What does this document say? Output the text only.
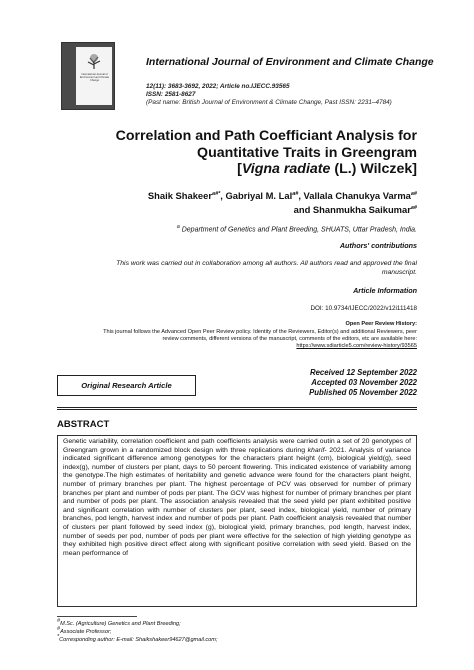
International Journal of Environment and Climate Change
International Journal of Environment and Climate Change
12(11): 3683-3692, 2022; Article no.IJECC.93565
ISSN: 2581-8627
(Past name: British Journal of Environment & Climate Change, Past ISSN: 2231–4784)
Correlation and Path Coefficiant Analysis for
Quantitative Traits in Greengram
[Vigna radiate (L.) Wilczek]
Shaik Shakeer$^{a\#*}$, Gabriyal M. Lal$^{a\#}$, Vallala Chanukya Varma$^{a\#}$
and Shanmukha Saikumar$^{a\#}$
$^a$ Department of Genetics and Plant Breeding, SHUATS, Uttar Pradesh, India.
Authors' contributions
This work was carried out in collaboration among all authors. All authors read and approved the final
manuscript.
Article Information
DOI: 10.9734/IJECC/2022/v12i111418
Open Peer Review History:
This journal follows the Advanced Open Peer Review policy. Identity of the Reviewers, Editor(s) and additional Reviewers, peer
review comments, different versions of the manuscript, comments of the editors, etc are available here:
https://www.sdiarticle5.com/review-history/93565
Original Research Article
Received 12 September 2022
Accepted 03 November 2022
Published 05 November 2022
ABSTRACT
Genetic variability, correlation coefficient and path coefficients analysis were carried outin a set of 20 genotypes of Greengram grown in a randomized block design with three replications during kharif- 2021. Analysis of variance indicated significant difference among genotypes for the characters plant height (cm), biological yield(g), seed index(g), number of clusters per plant, days to 50 percent flowering. This indicated existence of variability among the genotype.The high estimates of heritability and genetic advance were found for the characters plant height, number of primary branches per plant. The highest percentage of PCV was observed for number of primary branches per plant and number of pods per plant. The GCV was highest for number of primary branches per plant and number of pods per plant. The association analysis revealed that the seed yield per plant exhibited positive and significant correlation with number of clusters per plant, seed index, biological yield, number of primary branches, pod length, harvest index and number of pods per plant. Path coefficient analysis revealed that number of clusters per plant followed by seed index (g), biological yield, primary branches, pod length, harvest index, number of seeds per pod, number of pods per plant were effective for the selection of high yielding genotype as they exhibited high positive direct effect along with significant positive correlation with seed yield. Based on the mean performance of
#M.Sc. (Agriculture) Genetics and Plant Breeding;
#Associate Professor;
*Corresponding author: E-mail: Shaikshakeer94627@gmail.com;
